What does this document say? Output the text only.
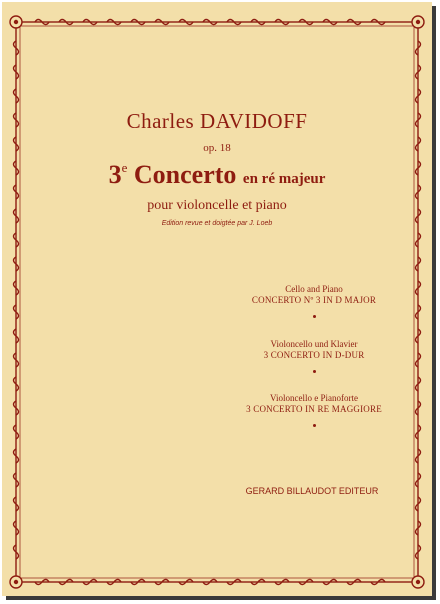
Charles DAVIDOFF
op. 18
3e Concerto en ré majeur
pour violoncelle et piano
Edition revue et doigtée par J. Loeb
Cello and Piano
CONCERTO Nº 3 IN D MAJOR
Violoncello und Klavier
3 CONCERTO IN D-DUR
Violoncello e Pianoforte
3 CONCERTO IN RE MAGGIORE
GERARD BILLAUDOT EDITEUR
